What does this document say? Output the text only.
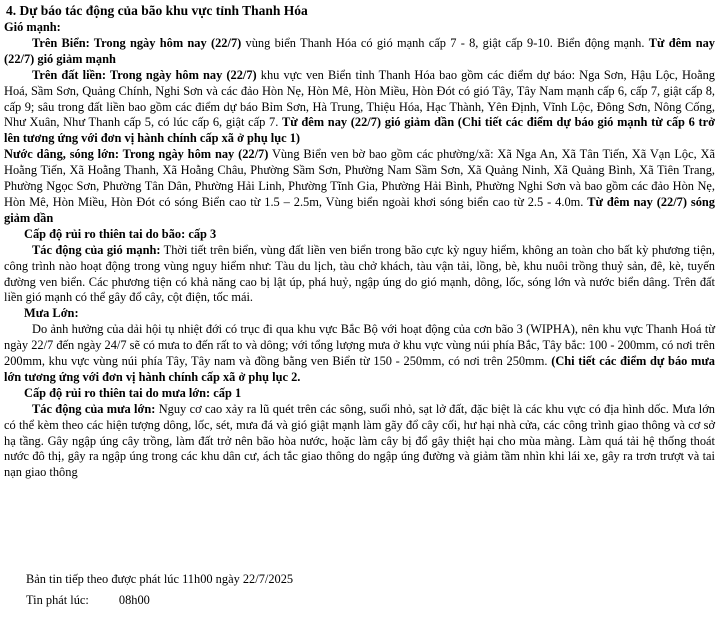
4. Dự báo tác động của bão khu vực tỉnh Thanh Hóa

Gió mạnh:

Trên Biển: Trong ngày hôm nay (22/7) vùng biển Thanh Hóa có gió mạnh cấp 7 - 8, giật cấp 9-10. Biển động mạnh. Từ đêm nay (22/7) gió giảm mạnh

Trên đất liền: Trong ngày hôm nay (22/7) khu vực ven Biển tỉnh Thanh Hóa bao gồm các điểm dự báo: Nga Sơn, Hậu Lộc, Hoằng Hoá, Sầm Sơn, Quảng Chính, Nghi Sơn và các đảo Hòn Nẹ, Hòn Mê, Hòn Miều, Hòn Đót có gió Tây, Tây Nam mạnh cấp 6, cấp 7, giật cấp 8, cấp 9; sâu trong đất liền bao gồm các điểm dự báo Bỉm Sơn, Hà Trung, Thiệu Hóa, Hạc Thành, Yên Định, Vĩnh Lộc, Đông Sơn, Nông Cống, Như Xuân, Như Thanh cấp 5, có lúc cấp 6, giật cấp 7. Từ đêm nay (22/7) gió giảm dần (Chi tiết các điểm dự báo gió mạnh từ cấp 6 trở lên tương ứng với đơn vị hành chính cấp xã ở phụ lục 1)

Nước dâng, sóng lớn: Trong ngày hôm nay (22/7) Vùng Biển ven bờ bao gồm các phường/xã: Xã Nga An, Xã Tân Tiến, Xã Vạn Lộc, Xã Hoằng Tiến, Xã Hoằng Thanh, Xã Hoằng Châu, Phường Sầm Sơn, Phường Nam Sầm Sơn, Xã Quảng Ninh, Xã Quảng Bình, Xã Tiên Trang, Phường Ngọc Sơn, Phường Tân Dân, Phường Hải Linh, Phường Tĩnh Gia, Phường Hải Bình, Phường Nghi Sơn và bao gồm các đảo Hòn Nẹ, Hòn Mê, Hòn Miều, Hòn Đót có sóng Biển cao từ 1.5 – 2.5m, Vùng biển ngoài khơi sóng biển cao từ 2.5 - 4.0m. Từ đêm nay (22/7) sóng giảm dần

Cấp độ rủi ro thiên tai do bão: cấp 3

Tác động của gió mạnh: Thời tiết trên biển, vùng đất liền ven biển trong bão cực kỳ nguy hiểm, không an toàn cho bất kỳ phương tiện, công trình nào hoạt động trong vùng nguy hiểm như: Tàu du lịch, tàu chở khách, tàu vận tải, lồng, bè, khu nuôi trồng thuỷ sản, đê, kè, tuyến đường ven biển. Các phương tiện có khả năng cao bị lật úp, phá huỷ, ngập úng do gió mạnh, dông, lốc, sóng lớn và nước biển dâng. Trên đất liền gió mạnh có thể gây đổ cây, cột điện, tốc mái.

Mưa Lớn:

Do ảnh hưởng của dải hội tụ nhiệt đới có trục đi qua khu vực Bắc Bộ với hoạt động của cơn bão 3 (WIPHA), nên khu vực Thanh Hoá từ ngày 22/7 đến ngày 24/7 sẽ có mưa to đến rất to và dông; với tổng lượng mưa ở khu vực vùng núi phía Bắc, Tây bắc: 100 - 200mm, có nơi trên 200mm, khu vực vùng núi phía Tây, Tây nam và đồng bằng ven Biển từ 150 - 250mm, có nơi trên 250mm. (Chi tiết các điểm dự báo mưa lớn tương ứng với đơn vị hành chính cấp xã ở phụ lục 2.

Cấp độ rủi ro thiên tai do mưa lớn: cấp 1

Tác động của mưa lớn: Nguy cơ cao xảy ra lũ quét trên các sông, suối nhỏ, sạt lở đất, đặc biệt là các khu vực có địa hình dốc. Mưa lớn có thể kèm theo các hiện tượng dông, lốc, sét, mưa đá và gió giật mạnh làm gãy đổ cây cối, hư hại nhà cửa, các công trình giao thông và cơ sở hạ tầng. Gây ngập úng cây trồng, làm đất trở nên bão hòa nước, hoặc làm cây bị đổ gây thiệt hại cho mùa màng. Làm quá tải hệ thống thoát nước đô thị, gây ra ngập úng trong các khu dân cư, ách tắc giao thông do ngập úng đường và giảm tầm nhìn khi lái xe, gây ra trơn trượt và tai nạn giao thông

Bản tin tiếp theo được phát lúc 11h00 ngày 22/7/2025
Tin phát lúc: 08h00
